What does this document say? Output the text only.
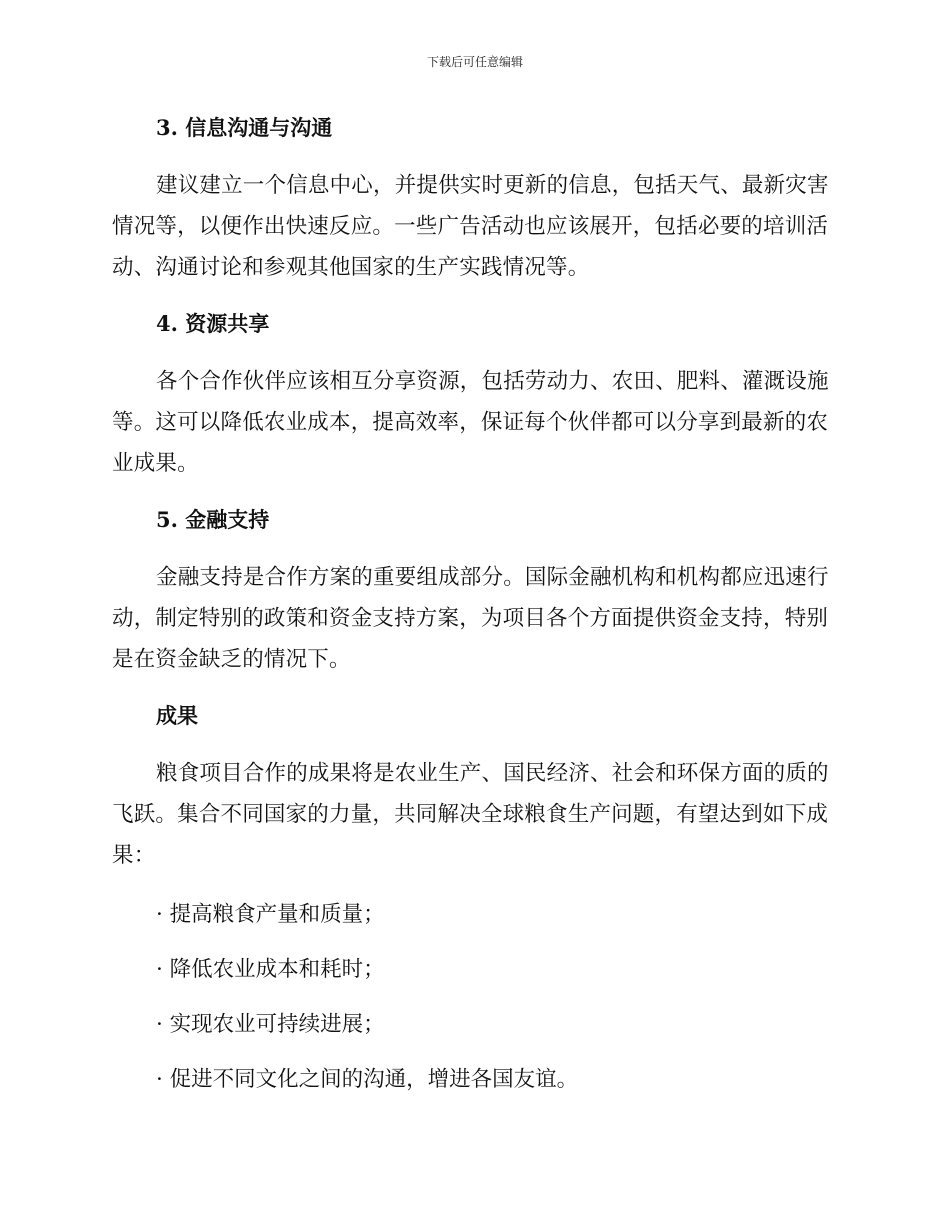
下载后可任意编辑
3. 信息沟通与沟通

建议建立一个信息中心，并提供实时更新的信息，包括天气、最新灾害情况等，以便作出快速反应。一些广告活动也应该展开，包括必要的培训活动、沟通讨论和参观其他国家的生产实践情况等。

4. 资源共享

各个合作伙伴应该相互分享资源，包括劳动力、农田、肥料、灌溉设施等。这可以降低农业成本，提高效率，保证每个伙伴都可以分享到最新的农业成果。

5. 金融支持

金融支持是合作方案的重要组成部分。国际金融机构和机构都应迅速行动，制定特别的政策和资金支持方案，为项目各个方面提供资金支持，特别是在资金缺乏的情况下。

成果

粮食项目合作的成果将是农业生产、国民经济、社会和环保方面的质的飞跃。集合不同国家的力量，共同解决全球粮食生产问题，有望达到如下成果：

· 提高粮食产量和质量；

· 降低农业成本和耗时；

· 实现农业可持续进展；

· 促进不同文化之间的沟通，增进各国友谊。
